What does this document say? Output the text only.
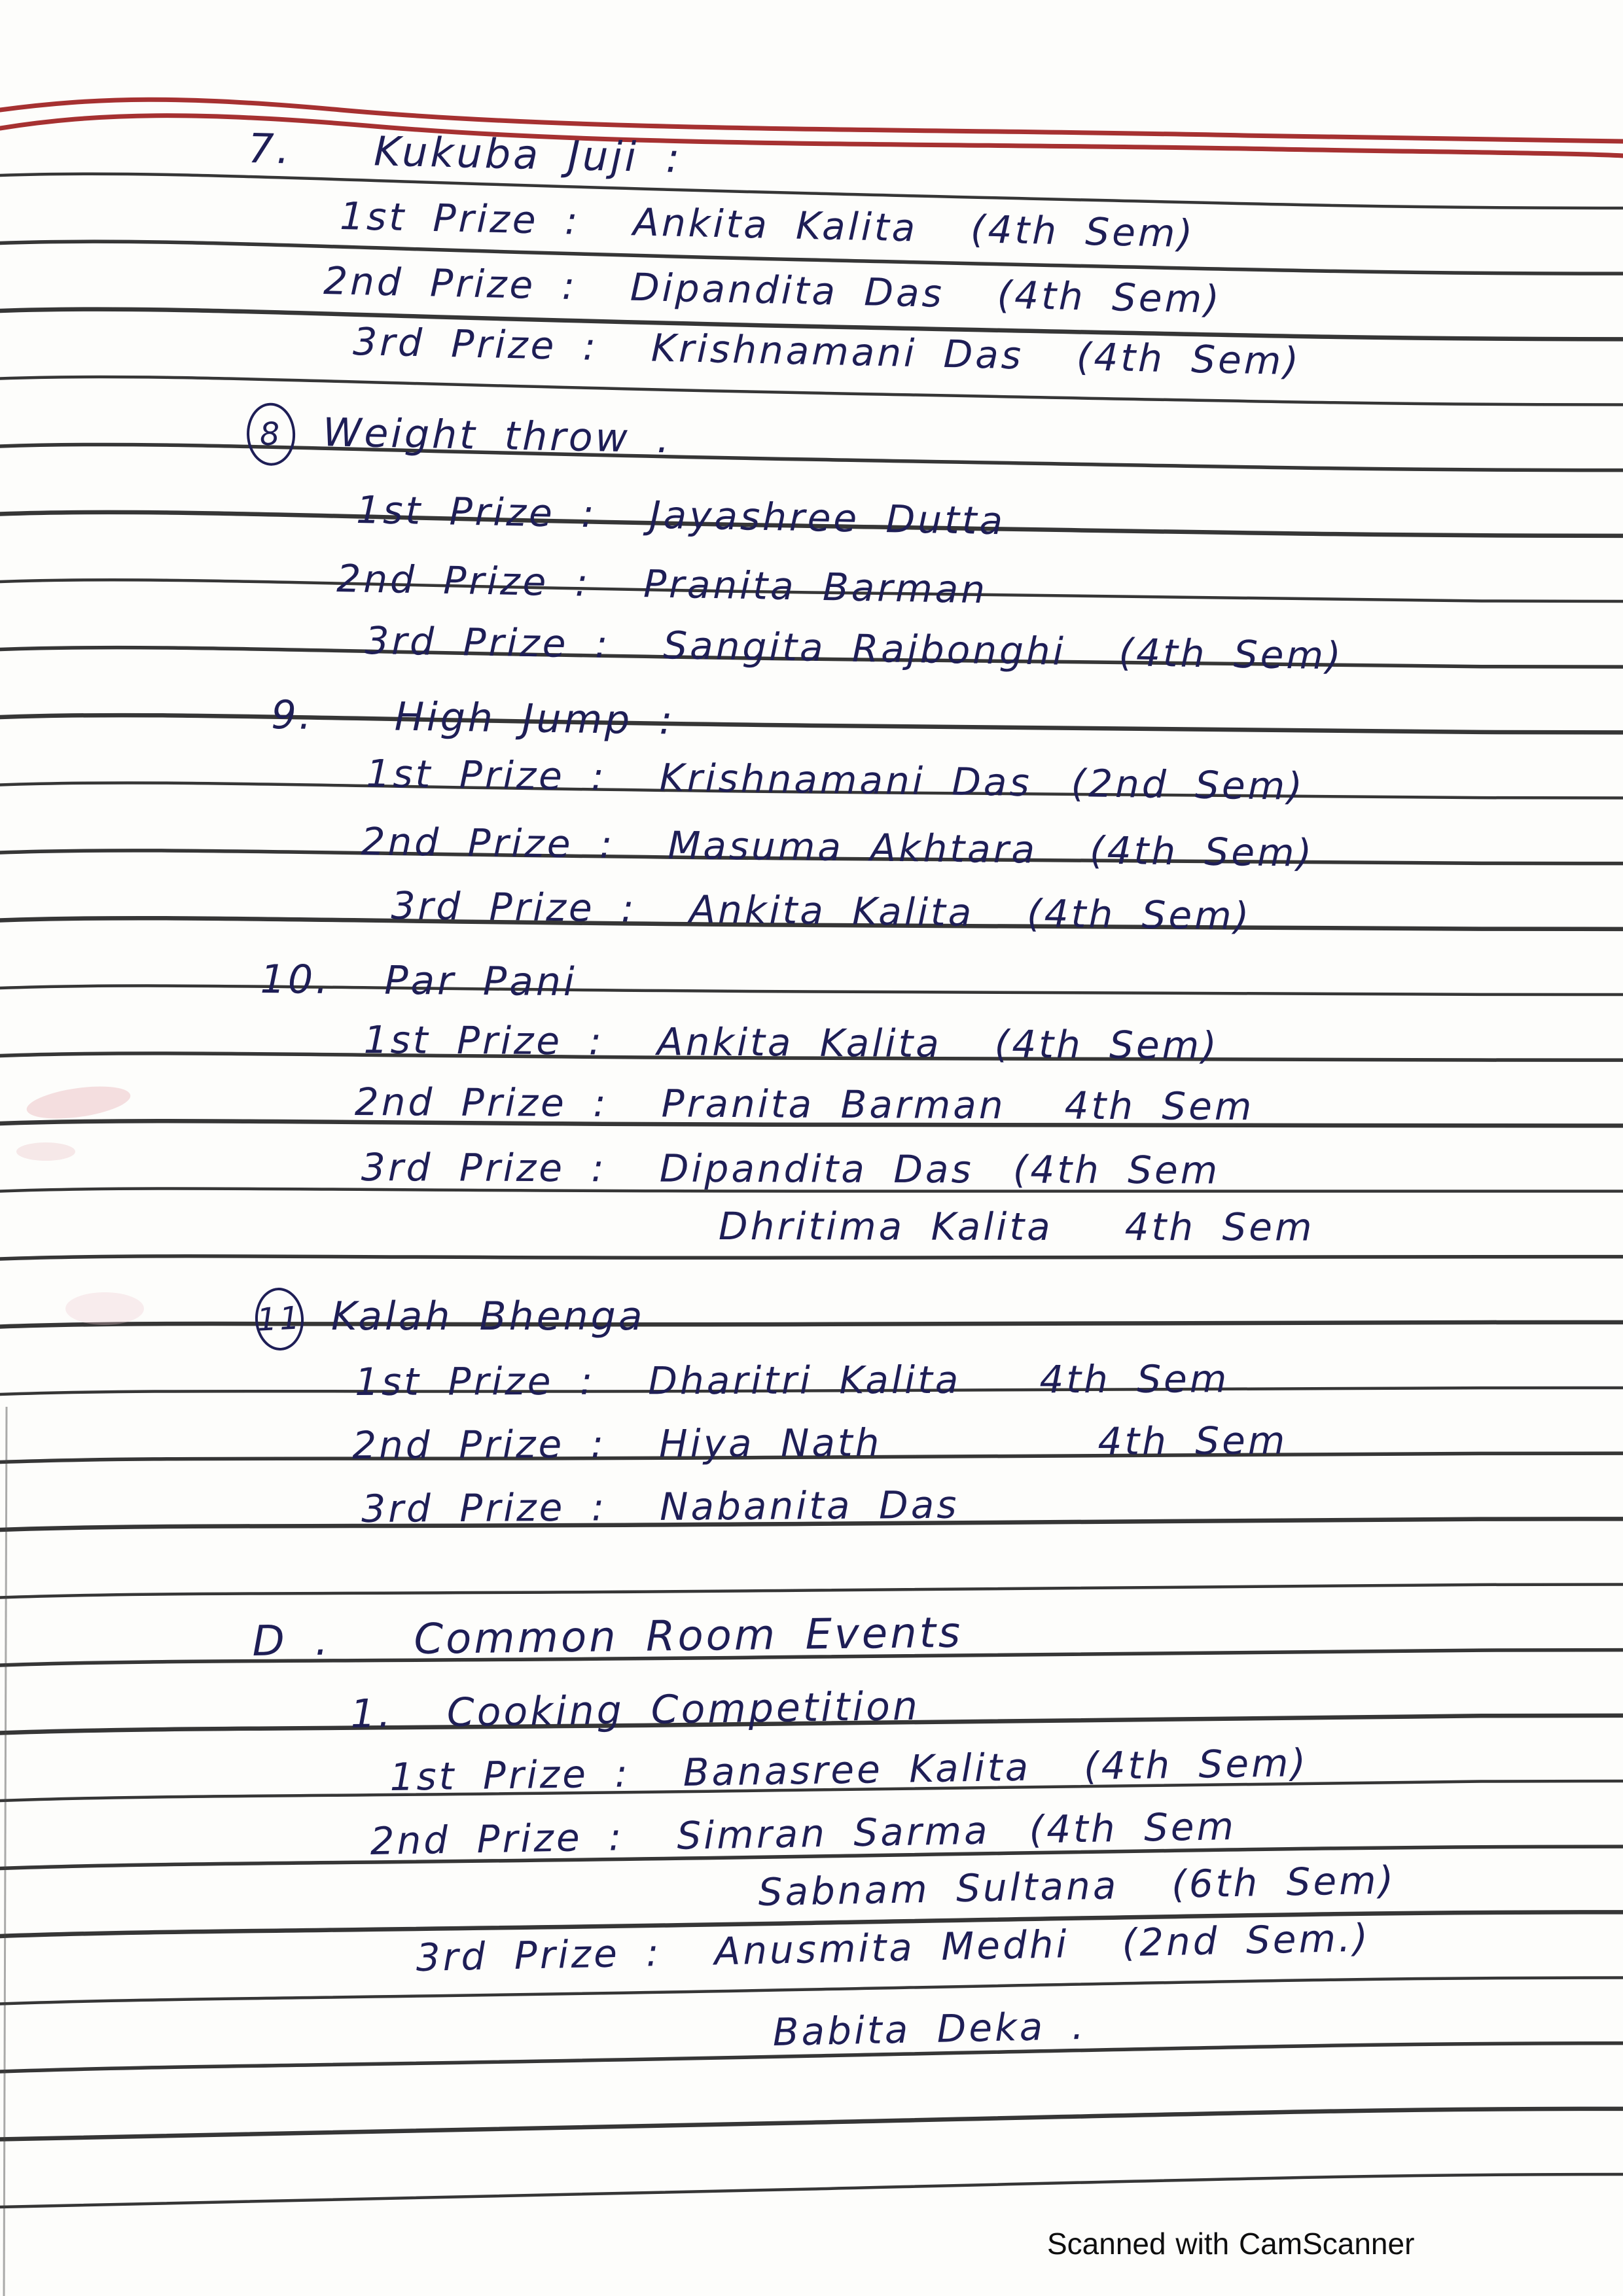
7.   Kukuba Juji :
1st Prize :  Ankita Kalita  (4th Sem)
2nd Prize :  Dipandita Das  (4th Sem)
3rd Prize :  Krishnamani Das  (4th Sem)
8 Weight throw .
1st Prize :  Jayashree Dutta
2nd Prize :  Pranita Barman
3rd Prize :  Sangita Rajbonghi  (4th Sem)
9.   High Jump :
1st Prize :  Krishnamani Das (2nd Sem)
2nd Prize :  Masuma Akhtara (4th Sem)
3rd Prize :  Ankita Kalita  (4th Sem)
10.  Par Pani
1st Prize :  Ankita Kalita  (4th Sem)
2nd Prize :  Pranita Barman 4th Sem
3rd Prize :  Dipandita Das (4th Sem
Dhritima Kalita 4th Sem
11 Kalah Bhenga
1st Prize :  Dharitri Kalita 4th Sem
2nd Prize :  Hiya Nath	4th Sem
3rd Prize :  Nabanita Das
D .   Common Room Events
1.  Cooking Competition
1st Prize :  Banasree Kalita  (4th Sem)
2nd Prize :  Simran Sarma (4th Sem
Sabnam Sultana  (6th Sem)
3rd Prize :  Anusmita Medhi  (2nd Sem.)
Babita Deka .
Scanned with CamScanner
